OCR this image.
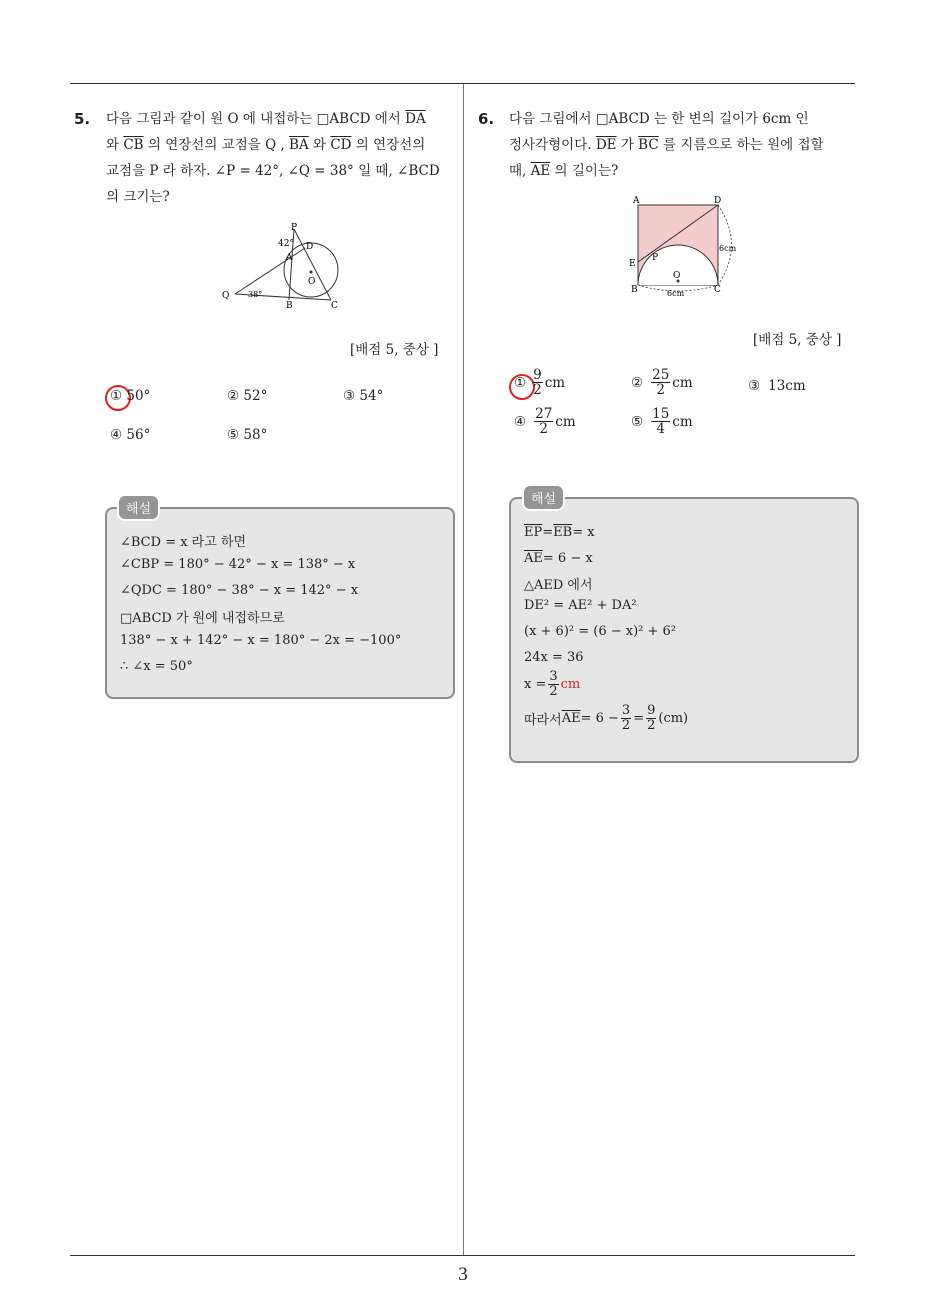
3
5. 다음 그림과 같이 원 O 에 내접하는 □ABCD 에서 $\overline{DA}$
와 $\overline{CB}$ 의 연장선의 교점을 Q , $\overline{BA}$ 와 $\overline{CD}$ 의 연장선의
교점을 P 라 하자. ∠P = 42°, ∠Q = 38° 일 때, ∠BCD
의 크기는?
P
42° D
A
O
Q 38°
B	C
[배점 5, 중상 ]
① 50°	② 52°	③ 54°
④ 56°	⑤ 58°
∠BCD = x 라고 하면
∠CBP = 180° − 42° − x = 138° − x
∠QDC = 180° − 38° − x = 142° − x
□ABCD 가 원에 내접하므로
138° − x + 142° − x = 180° − 2x = −100°
∴ ∠x = 50°
해설
6. 다음 그림에서 □ABCD 는 한 변의 길이가 6cm 인
정사각형이다. $\overline{DE}$ 가 $\overline{BC}$ 를 지름으로 하는 원에 접할
때, $\overline{AE}$ 의 길이는?
A	D
E
P
O
B	C
6cm
6cm
[배점 5, 중상 ]
① $\frac{9}{2}$ cm	② $\frac{25}{2}$ cm	③ 13cm
④ $\frac{27}{2}$ cm	⑤ $\frac{15}{4}$ cm
$\overline{EP} = \overline{EB} = x$
$\overline{AE} = 6 - x$
△AED 에서
DE² = AE² + DA²
(x + 6)² = (6 − x)² + 6²
24x = 36
$x = \frac{3}{2}$ cm
따라서 $\overline{AE} = 6 - \frac{3}{2} = \frac{9}{2} (cm)$
해설
